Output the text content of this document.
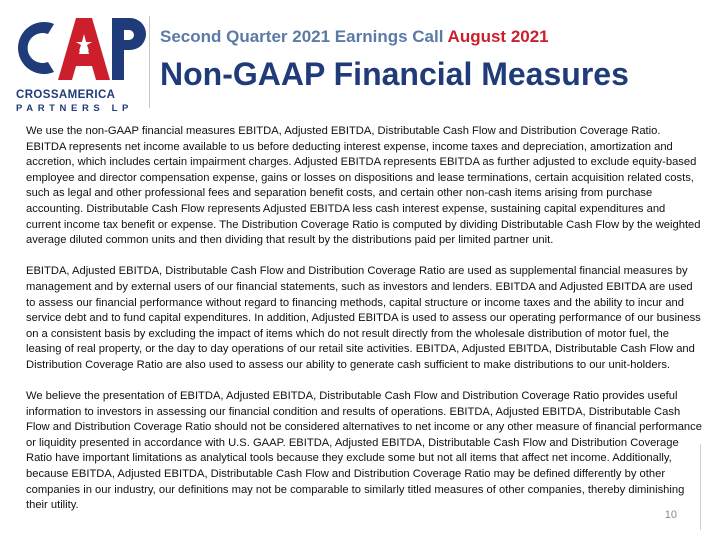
CROSSAMERICA
PARTNERS LP
Second Quarter 2021 Earnings Call August 2021
Non-GAAP Financial Measures

We use the non-GAAP financial measures EBITDA, Adjusted EBITDA, Distributable Cash Flow and Distribution Coverage Ratio. EBITDA represents net income available to us before deducting interest expense, income taxes and depreciation, amortization and accretion, which includes certain impairment charges. Adjusted EBITDA represents EBITDA as further adjusted to exclude equity-based employee and director compensation expense, gains or losses on dispositions and lease terminations, certain acquisition related costs, such as legal and other professional fees and separation benefit costs, and certain other non-cash items arising from purchase accounting. Distributable Cash Flow represents Adjusted EBITDA less cash interest expense, sustaining capital expenditures and current income tax benefit or expense. The Distribution Coverage Ratio is computed by dividing Distributable Cash Flow by the weighted average diluted common units and then dividing that result by the distributions paid per limited partner unit.

EBITDA, Adjusted EBITDA, Distributable Cash Flow and Distribution Coverage Ratio are used as supplemental financial measures by management and by external users of our financial statements, such as investors and lenders. EBITDA and Adjusted EBITDA are used to assess our financial performance without regard to financing methods, capital structure or income taxes and the ability to incur and service debt and to fund capital expenditures. In addition, Adjusted EBITDA is used to assess our operating performance of our business on a consistent basis by excluding the impact of items which do not result directly from the wholesale distribution of motor fuel, the leasing of real property, or the day to day operations of our retail site activities. EBITDA, Adjusted EBITDA, Distributable Cash Flow and Distribution Coverage Ratio are also used to assess our ability to generate cash sufficient to make distributions to our unit-holders.

We believe the presentation of EBITDA, Adjusted EBITDA, Distributable Cash Flow and Distribution Coverage Ratio provides useful information to investors in assessing our financial condition and results of operations. EBITDA, Adjusted EBITDA, Distributable Cash Flow and Distribution Coverage Ratio should not be considered alternatives to net income or any other measure of financial performance or liquidity presented in accordance with U.S. GAAP. EBITDA, Adjusted EBITDA, Distributable Cash Flow and Distribution Coverage Ratio have important limitations as analytical tools because they exclude some but not all items that affect net income. Additionally, because EBITDA, Adjusted EBITDA, Distributable Cash Flow and Distribution Coverage Ratio may be defined differently by other companies in our industry, our definitions may not be comparable to similarly titled measures of other companies, thereby diminishing their utility.

10
